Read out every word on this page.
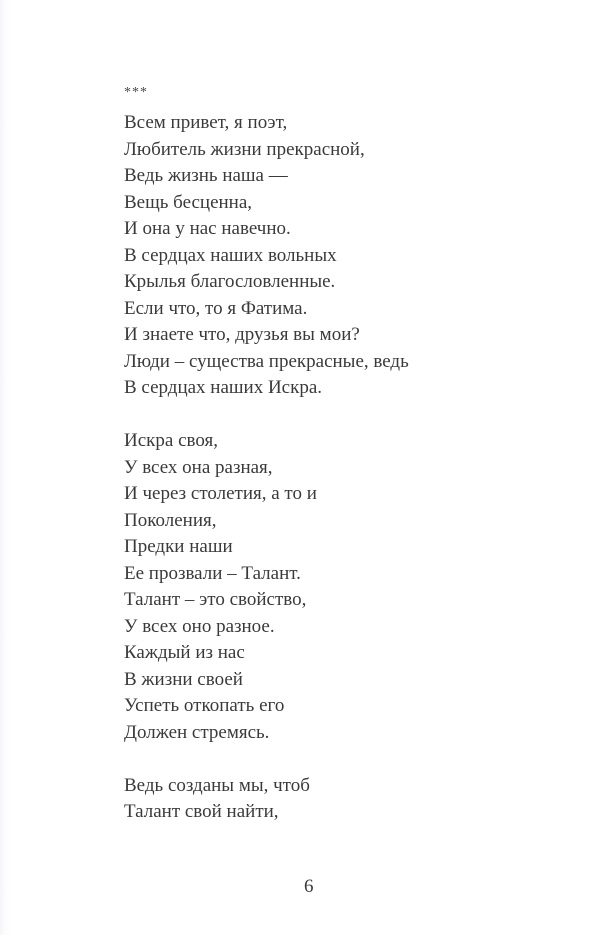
***
Всем привет, я поэт,
Любитель жизни прекрасной,
Ведь жизнь наша —
Вещь бесценна,
И она у нас навечно.
В сердцах наших вольных
Крылья благословленные.
Если что, то я Фатима.
И знаете что, друзья вы мои?
Люди – существа прекрасные, ведь
В сердцах наших Искра.
Искра своя,
У всех она разная,
И через столетия, а то и
Поколения,
Предки наши
Ее прозвали – Талант.
Талант – это свойство,
У всех оно разное.
Каждый из нас
В жизни своей
Успеть откопать его
Должен стремясь.
Ведь созданы мы, чтоб
Талант свой найти,
6
